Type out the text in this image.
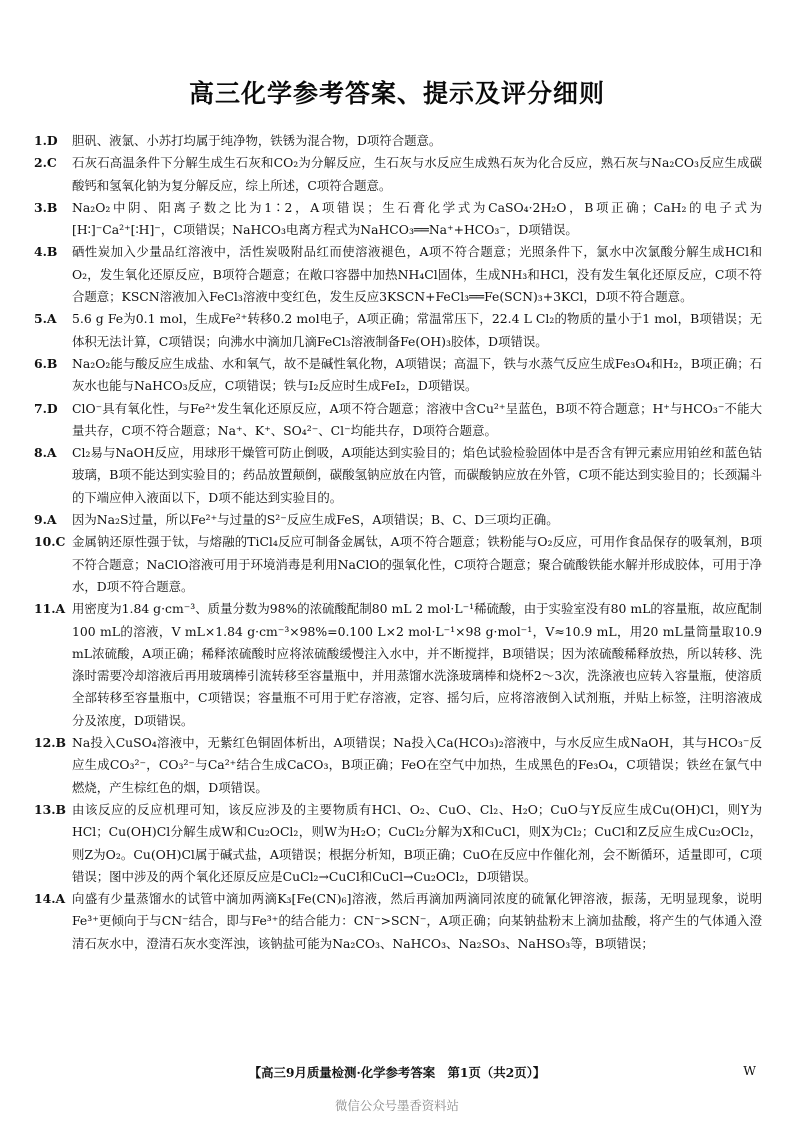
高三化学参考答案、提示及评分细则
1.D	胆矾、液氯、小苏打均属于纯净物，铁锈为混合物，D项符合题意。
2.C	石灰石高温条件下分解生成生石灰和CO₂为分解反应，生石灰与水反应生成熟石灰为化合反应，熟石灰与Na₂CO₃反应生成碳酸钙和氢氧化钠为复分解反应，综上所述，C项符合题意。
3.B	Na₂O₂中阴、阳离子数之比为1∶2，A项错误；生石膏化学式为CaSO₄·2H₂O，B项正确；CaH₂的电子式为[H∶]⁻Ca²⁺[∶H]⁻，C项错误；NaHCO₃电离方程式为NaHCO₃══Na⁺+HCO₃⁻，D项错误。
4.B	硒性炭加入少量品红溶液中，活性炭吸附品红而使溶液褪色，A项不符合题意；光照条件下，氯水中次氯酸分解生成HCl和O₂，发生氧化还原反应，B项符合题意；在敞口容器中加热NH₄Cl固体，生成NH₃和HCl，没有发生氧化还原反应，C项不符合题意；KSCN溶液加入FeCl₃溶液中变红色，发生反应3KSCN+FeCl₃══Fe(SCN)₃+3KCl，D项不符合题意。
5.A	5.6 g Fe为0.1 mol，生成Fe²⁺转移0.2 mol电子，A项正确；常温常压下，22.4 L Cl₂的物质的量小于1 mol，B项错误；无体积无法计算，C项错误；向沸水中滴加几滴FeCl₃溶液制备Fe(OH)₃胶体，D项错误。
6.B	Na₂O₂能与酸反应生成盐、水和氧气，故不是碱性氧化物，A项错误；高温下，铁与水蒸气反应生成Fe₃O₄和H₂，B项正确；石灰水也能与NaHCO₃反应，C项错误；铁与I₂反应时生成FeI₂，D项错误。
7.D	ClO⁻具有氧化性，与Fe²⁺发生氧化还原反应，A项不符合题意；溶液中含Cu²⁺呈蓝色，B项不符合题意；H⁺与HCO₃⁻不能大量共存，C项不符合题意；Na⁺、K⁺、SO₄²⁻、Cl⁻均能共存，D项符合题意。
8.A	Cl₂易与NaOH反应，用球形干燥管可防止倒吸，A项能达到实验目的；焰色试验检验固体中是否含有钾元素应用铂丝和蓝色钴玻璃，B项不能达到实验目的；药品放置颠倒，碳酸氢钠应放在内管，而碳酸钠应放在外管，C项不能达到实验目的；长颈漏斗的下端应伸入液面以下，D项不能达到实验目的。
9.A	因为Na₂S过量，所以Fe²⁺与过量的S²⁻反应生成FeS，A项错误；B、C、D三项均正确。
10.C 金属钠还原性强于钛，与熔融的TiCl₄反应可制备金属钛，A项不符合题意；铁粉能与O₂反应，可用作食品保存的吸氧剂，B项不符合题意；NaClO溶液可用于环境消毒是利用NaClO的强氧化性，C项符合题意；聚合硫酸铁能水解并形成胶体，可用于净水，D项不符合题意。
11.A 用密度为1.84 g·cm⁻³、质量分数为98%的浓硫酸配制80 mL 2 mol·L⁻¹稀硫酸，由于实验室没有80 mL的容量瓶，故应配制100 mL的溶液，V mL×1.84 g·cm⁻³×98%=0.100 L×2 mol·L⁻¹×98 g·mol⁻¹，V≈10.9 mL，用20 mL量筒量取10.9 mL浓硫酸，A项正确；稀释浓硫酸时应将浓硫酸缓慢注入水中，并不断搅拌，B项错误；因为浓硫酸稀释放热，所以转移、洗涤时需要冷却溶液后再用玻璃棒引流转移至容量瓶中，并用蒸馏水洗涤玻璃棒和烧杯2～3次，洗涤液也应转入容量瓶，使溶质全部转移至容量瓶中，C项错误；容量瓶不可用于贮存溶液，定容、摇匀后，应将溶液倒入试剂瓶，并贴上标签，注明溶液成分及浓度，D项错误。
12.B Na投入CuSO₄溶液中，无紫红色铜固体析出，A项错误；Na投入Ca(HCO₃)₂溶液中，与水反应生成NaOH，其与HCO₃⁻反应生成CO₃²⁻，CO₃²⁻与Ca²⁺结合生成CaCO₃，B项正确；FeO在空气中加热，生成黑色的Fe₃O₄，C项错误；铁丝在氯气中燃烧，产生棕红色的烟，D项错误。
13.B 由该反应的反应机理可知，该反应涉及的主要物质有HCl、O₂、CuO、Cl₂、H₂O；CuO与Y反应生成Cu(OH)Cl，则Y为HCl；Cu(OH)Cl分解生成W和Cu₂OCl₂，则W为H₂O；CuCl₂分解为X和CuCl，则X为Cl₂；CuCl和Z反应生成Cu₂OCl₂，则Z为O₂。Cu(OH)Cl属于碱式盐，A项错误；根据分析知，B项正确；CuO在反应中作催化剂，会不断循环，适量即可，C项错误；图中涉及的两个氧化还原反应是CuCl₂→CuCl和CuCl→Cu₂OCl₂，D项错误。
14.A 向盛有少量蒸馏水的试管中滴加两滴K₃[Fe(CN)₆]溶液，然后再滴加两滴同浓度的硫氰化钾溶液，振荡，无明显现象，说明Fe³⁺更倾向于与CN⁻结合，即与Fe³⁺的结合能力：CN⁻>SCN⁻，A项正确；向某钠盐粉末上滴加盐酸，将产生的气体通入澄清石灰水中，澄清石灰水变浑浊，该钠盐可能为Na₂CO₃、NaHCO₃、Na₂SO₃、NaHSO₃等，B项错误；
【高三9月质量检测·化学参考答案　第1页（共2页）】	W
微信公众号墨香资料站
